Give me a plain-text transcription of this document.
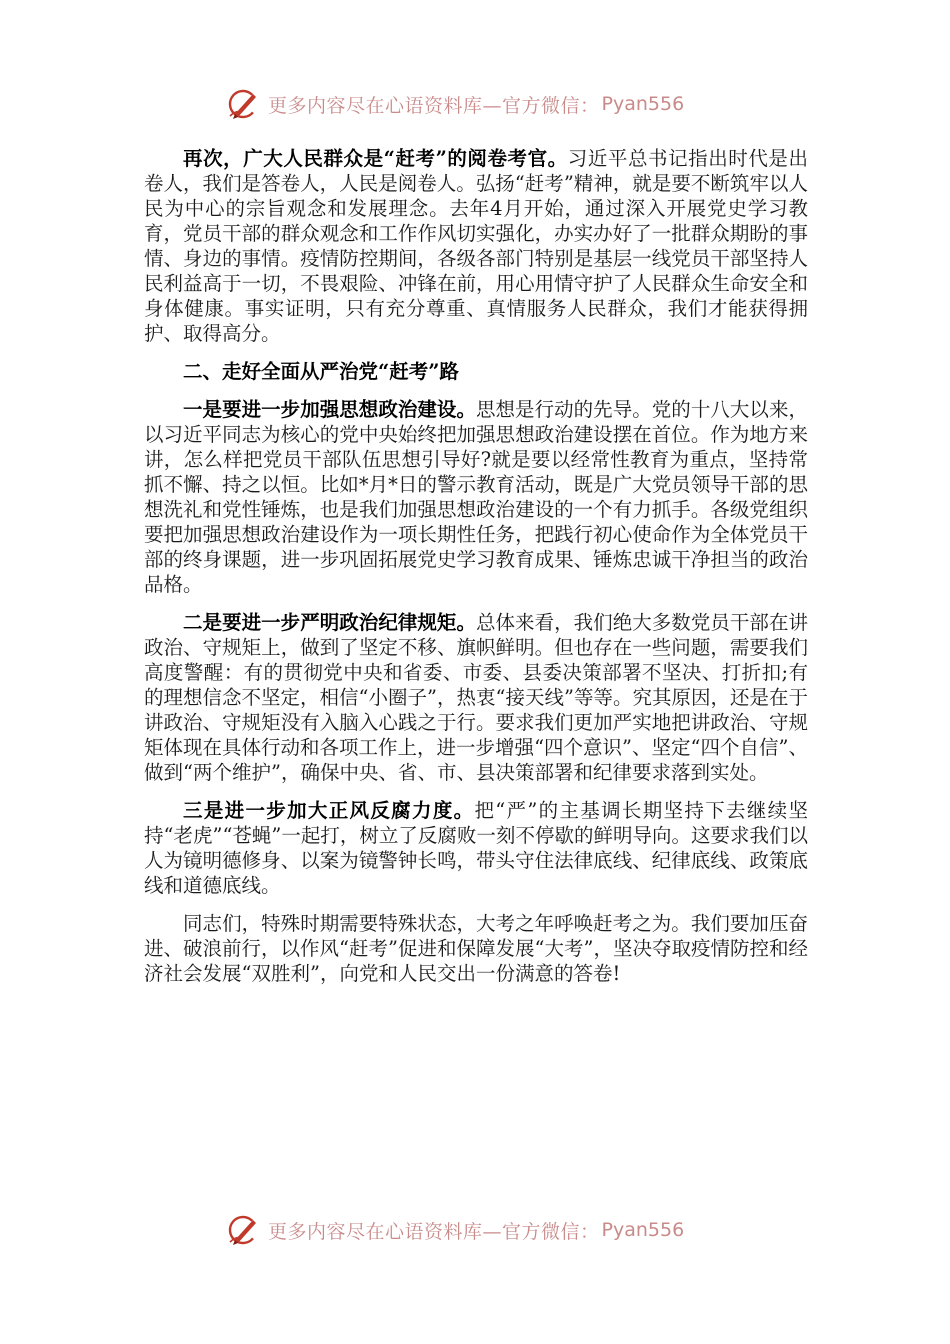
更多内容尽在心语资料库—官方微信： Pyan556

再次，广大人民群众是“赶考”的阅卷考官。习近平总书记指出时代是出卷人，我们是答卷人，人民是阅卷人。弘扬“赶考”精神，就是要不断筑牢以人民为中心的宗旨观念和发展理念。去年4月开始，通过深入开展党史学习教育，党员干部的群众观念和工作作风切实强化，办实办好了一批群众期盼的事情、身边的事情。疫情防控期间，各级各部门特别是基层一线党员干部坚持人民利益高于一切，不畏艰险、冲锋在前，用心用情守护了人民群众生命安全和身体健康。事实证明，只有充分尊重、真情服务人民群众，我们才能获得拥护、取得高分。

二、走好全面从严治党“赶考”路

一是要进一步加强思想政治建设。思想是行动的先导。党的十八大以来，以习近平同志为核心的党中央始终把加强思想政治建设摆在首位。作为地方来讲，怎么样把党员干部队伍思想引导好?就是要以经常性教育为重点，坚持常抓不懈、持之以恒。比如*月*日的警示教育活动，既是广大党员领导干部的思想洗礼和党性锤炼，也是我们加强思想政治建设的一个有力抓手。各级党组织要把加强思想政治建设作为一项长期性任务，把践行初心使命作为全体党员干部的终身课题，进一步巩固拓展党史学习教育成果、锤炼忠诚干净担当的政治品格。

二是要进一步严明政治纪律规矩。总体来看，我们绝大多数党员干部在讲政治、守规矩上，做到了坚定不移、旗帜鲜明。但也存在一些问题，需要我们高度警醒：有的贯彻党中央和省委、市委、县委决策部署不坚决、打折扣;有的理想信念不坚定，相信“小圈子”，热衷“接天线”等等。究其原因，还是在于讲政治、守规矩没有入脑入心践之于行。要求我们更加严实地把讲政治、守规矩体现在具体行动和各项工作上，进一步增强“四个意识”、坚定“四个自信”、做到“两个维护”，确保中央、省、市、县决策部署和纪律要求落到实处。

三是进一步加大正风反腐力度。把“严”的主基调长期坚持下去继续坚持“老虎”“苍蝇”一起打，树立了反腐败一刻不停歇的鲜明导向。这要求我们以人为镜明德修身、以案为镜警钟长鸣，带头守住法律底线、纪律底线、政策底线和道德底线。

同志们，特殊时期需要特殊状态，大考之年呼唤赶考之为。我们要加压奋进、破浪前行，以作风“赶考”促进和保障发展“大考”，坚决夺取疫情防控和经济社会发展“双胜利”，向党和人民交出一份满意的答卷!

更多内容尽在心语资料库—官方微信： Pyan556
